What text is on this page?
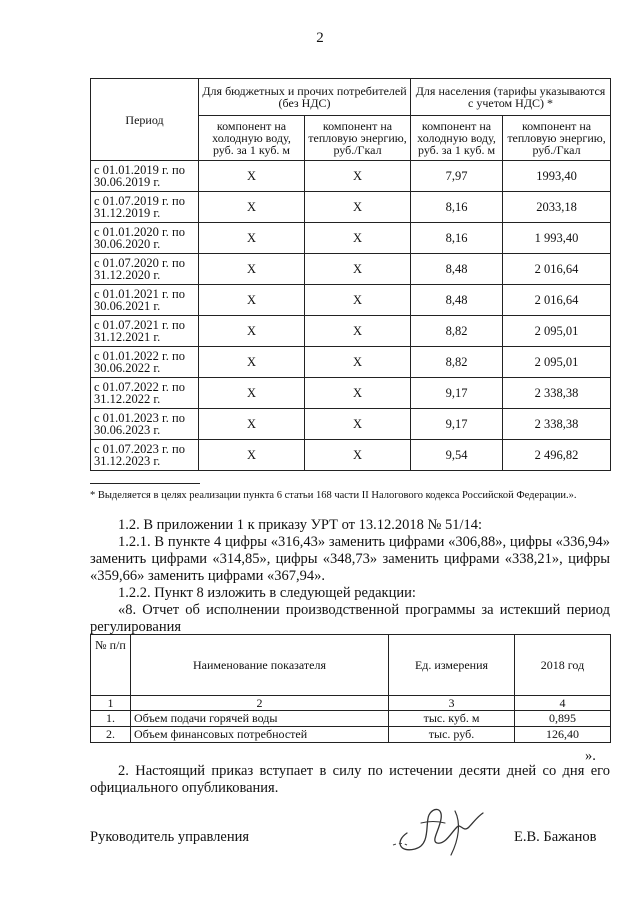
2
Период	Для бюджетных и прочих потребителей (без НДС)		Для населения (тарифы указываются с учетом НДС) *	
	компонент на холодную воду, руб. за 1 куб. м	компонент на тепловую энергию, руб./Гкал	компонент на холодную воду, руб. за 1 куб. м	компонент на тепловую энергию, руб./Гкал
с 01.01.2019 г. по 30.06.2019 г.	X	X	7,97	1993,40
с 01.07.2019 г. по 31.12.2019 г.	X	X	8,16	2033,18
с 01.01.2020 г. по 30.06.2020 г.	X	X	8,16	1 993,40
с 01.07.2020 г. по 31.12.2020 г.	X	X	8,48	2 016,64
с 01.01.2021 г. по 30.06.2021 г.	X	X	8,48	2 016,64
с 01.07.2021 г. по 31.12.2021 г.	X	X	8,82	2 095,01
с 01.01.2022 г. по 30.06.2022 г.	X	X	8,82	2 095,01
с 01.07.2022 г. по 31.12.2022 г.	X	X	9,17	2 338,38
с 01.01.2023 г. по 30.06.2023 г.	X	X	9,17	2 338,38
с 01.07.2023 г. по 31.12.2023 г.	X	X	9,54	2 496,82
* Выделяется в целях реализации пункта 6 статьи 168 части II Налогового кодекса Российской Федерации.».
1.2. В приложении 1 к приказу УРТ от 13.12.2018 № 51/14:
1.2.1. В пункте 4 цифры «316,43» заменить цифрами «306,88», цифры «336,94» заменить цифрами «314,85», цифры «348,73» заменить цифрами «338,21», цифры «359,66» заменить цифрами «367,94».
1.2.2. Пункт 8 изложить в следующей редакции:
«8. Отчет об исполнении производственной программы за истекший период регулирования
№ п/п	Наименование показателя	Ед. измерения	2018 год
1	2	3	4
1.	Объем подачи горячей воды	тыс. куб. м	0,895
2.	Объем финансовых потребностей	тыс. руб.	126,40
».
2. Настоящий приказ вступает в силу по истечении десяти дней со дня его официального опубликования.
Руководитель управления	Е.В. Бажанов
